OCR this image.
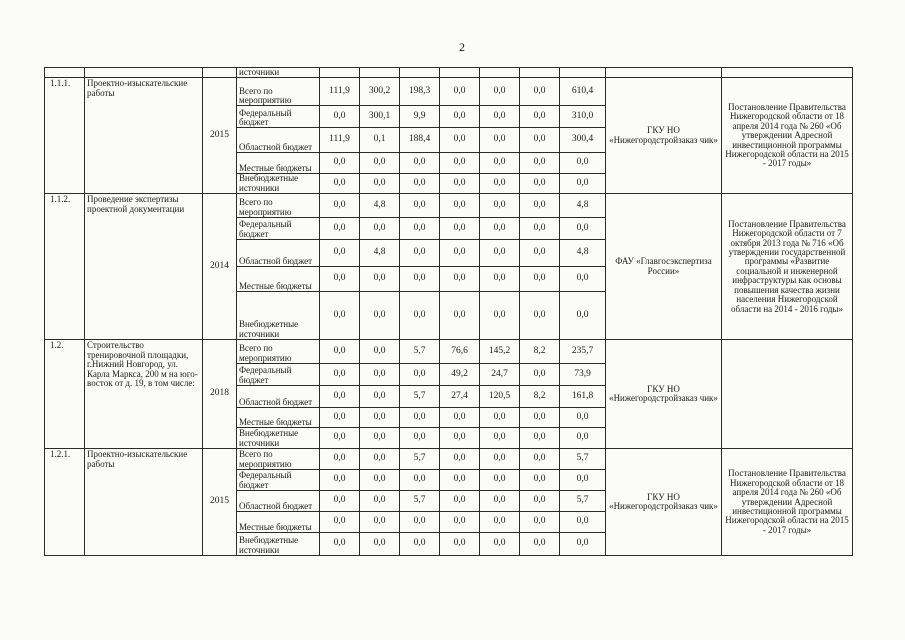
2
			источники									
1.1.1.	Проектно-изыскательские работы	2015	Всего по мероприятию	111,9	300,2	198,3	0,0	0,0	0,0	610,4	ГКУ НО «Нижегородстройзаказ чик»	Постановление Правительства Нижегородской области от 18 апреля 2014 года № 260 «Об утверждении Адресной инвестиционной программы Нижегородской области на 2015 - 2017 годы»
			Федеральный бюджет	0,0	300,1	9,9	0,0	0,0	0,0	310,0		
			Областной бюджет	111,9	0,1	188,4	0,0	0,0	0,0	300,4		
			Местные бюджеты	0,0	0,0	0,0	0,0	0,0	0,0	0,0		
			Внебюджетные источники	0,0	0,0	0,0	0,0	0,0	0,0	0,0		
1.1.2.	Проведение экспертизы проектной документации	2014	Всего по мероприятию	0,0	4,8	0,0	0,0	0,0	0,0	4,8	ФАУ «Главгосэкспертиза России»	Постановление Правительства Нижегородской области от 7 октября 2013 года № 716 «Об утверждении государственной программы «Развитие социальной и инженерной инфраструктуры как основы повышения качества жизни населения Нижегородской области на 2014 - 2016 годы»
			Федеральный бюджет	0,0	0,0	0,0	0,0	0,0	0,0	0,0		
			Областной бюджет	0,0	4,8	0,0	0,0	0,0	0,0	4,8		
			Местные бюджеты	0,0	0,0	0,0	0,0	0,0	0,0	0,0		
			Внебюджетные источники	0,0	0,0	0,0	0,0	0,0	0,0	0,0		
1.2.	Строительство тренировочной площадки, г.Нижний Новгород, ул. Карла Маркса, 200 м на юго-восток от д. 19, в том числе:	2018	Всего по мероприятию	0,0	0,0	5,7	76,6	145,2	8,2	235,7	ГКУ НО «Нижегородстройзаказ чик»	
			Федеральный бюджет	0,0	0,0	0,0	49,2	24,7	0,0	73,9		
			Областной бюджет	0,0	0,0	5,7	27,4	120,5	8,2	161,8		
			Местные бюджеты	0,0	0,0	0,0	0,0	0,0	0,0	0,0		
			Внебюджетные источники	0,0	0,0	0,0	0,0	0,0	0,0	0,0		
1.2.1.	Проектно-изыскательские работы	2015	Всего по мероприятию	0,0	0,0	5,7	0,0	0,0	0,0	5,7	ГКУ НО «Нижегородстройзаказ чик»	Постановление Правительства Нижегородской области от 18 апреля 2014 года № 260 «Об утверждении Адресной инвестиционной программы Нижегородской области на 2015 - 2017 годы»
			Федеральный бюджет	0,0	0,0	0,0	0,0	0,0	0,0	0,0		
			Областной бюджет	0,0	0,0	5,7	0,0	0,0	0,0	5,7		
			Местные бюджеты	0,0	0,0	0,0	0,0	0,0	0,0	0,0		
			Внебюджетные источники	0,0	0,0	0,0	0,0	0,0	0,0	0,0		
